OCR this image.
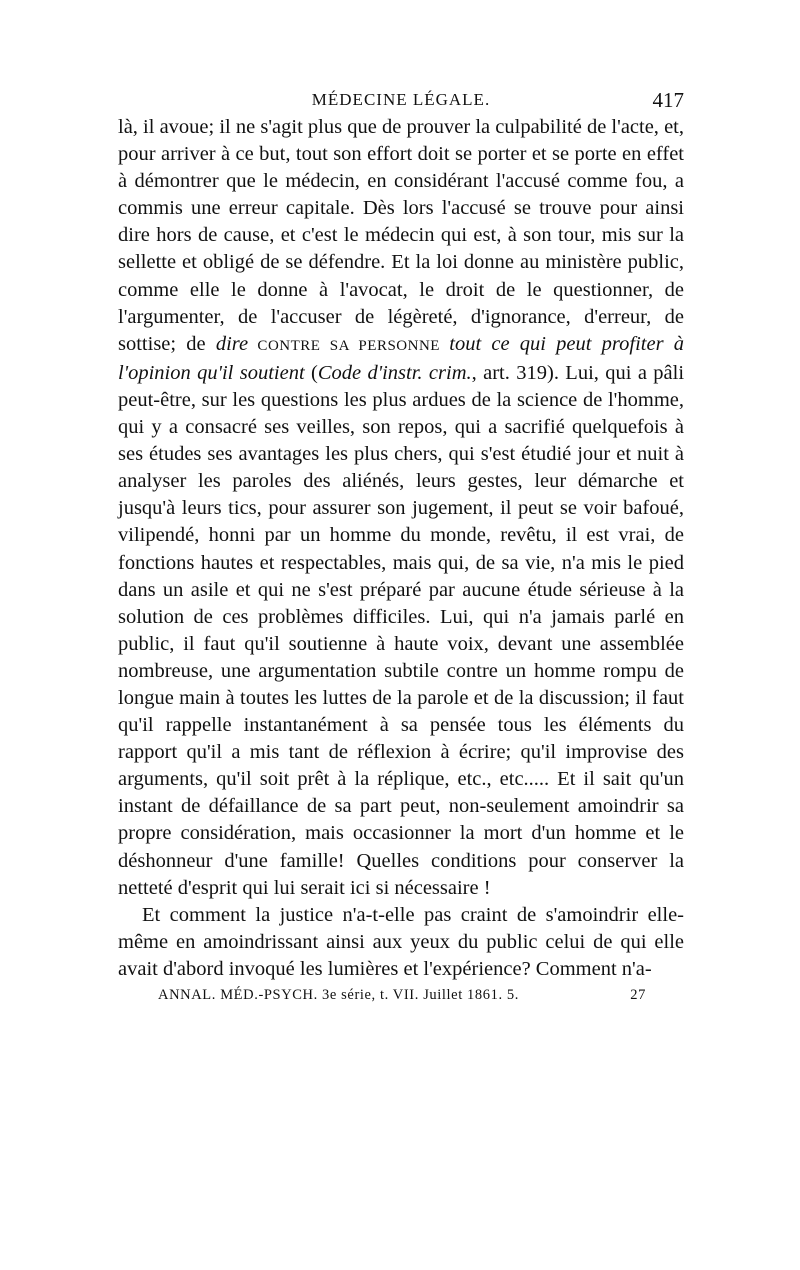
MÉDECINE LÉGALE.	417

là, il avoue; il ne s'agit plus que de prouver la culpabilité de l'acte, et, pour arriver à ce but, tout son effort doit se porter et se porte en effet à démontrer que le médecin, en considérant l'accusé comme fou, a commis une erreur capitale. Dès lors l'accusé se trouve pour ainsi dire hors de cause, et c'est le médecin qui est, à son tour, mis sur la sellette et obligé de se défendre. Et la loi donne au ministère public, comme elle le donne à l'avocat, le droit de le questionner, de l'argumenter, de l'accuser de légèreté, d'ignorance, d'erreur, de sottise; de dire CONTRE SA PERSONNE tout ce qui peut profiter à l'opinion qu'il soutient (Code d'instr. crim., art. 319). Lui, qui a pâli peut-être, sur les questions les plus ardues de la science de l'homme, qui y a consacré ses veilles, son repos, qui a sacrifié quelquefois à ses études ses avantages les plus chers, qui s'est étudié jour et nuit à analyser les paroles des aliénés, leurs gestes, leur démarche et jusqu'à leurs tics, pour assurer son jugement, il peut se voir bafoué, vilipendé, honni par un homme du monde, revêtu, il est vrai, de fonctions hautes et respectables, mais qui, de sa vie, n'a mis le pied dans un asile et qui ne s'est préparé par aucune étude sérieuse à la solution de ces problèmes difficiles. Lui, qui n'a jamais parlé en public, il faut qu'il soutienne à haute voix, devant une assemblée nombreuse, une argumentation subtile contre un homme rompu de longue main à toutes les luttes de la parole et de la discussion; il faut qu'il rappelle instantanément à sa pensée tous les éléments du rapport qu'il a mis tant de réflexion à écrire; qu'il improvise des arguments, qu'il soit prêt à la réplique, etc., etc..... Et il sait qu'un instant de défaillance de sa part peut, non-seulement amoindrir sa propre considération, mais occasionner la mort d'un homme et le déshonneur d'une famille! Quelles conditions pour conserver la netteté d'esprit qui lui serait ici si nécessaire !

Et comment la justice n'a-t-elle pas craint de s'amoindrir elle-même en amoindrissant ainsi aux yeux du public celui de qui elle avait d'abord invoqué les lumières et l'expérience? Comment n'a-

ANNAL. MÉD.-PSYCH. 3e série, t. VII. Juillet 1861. 5.	27
